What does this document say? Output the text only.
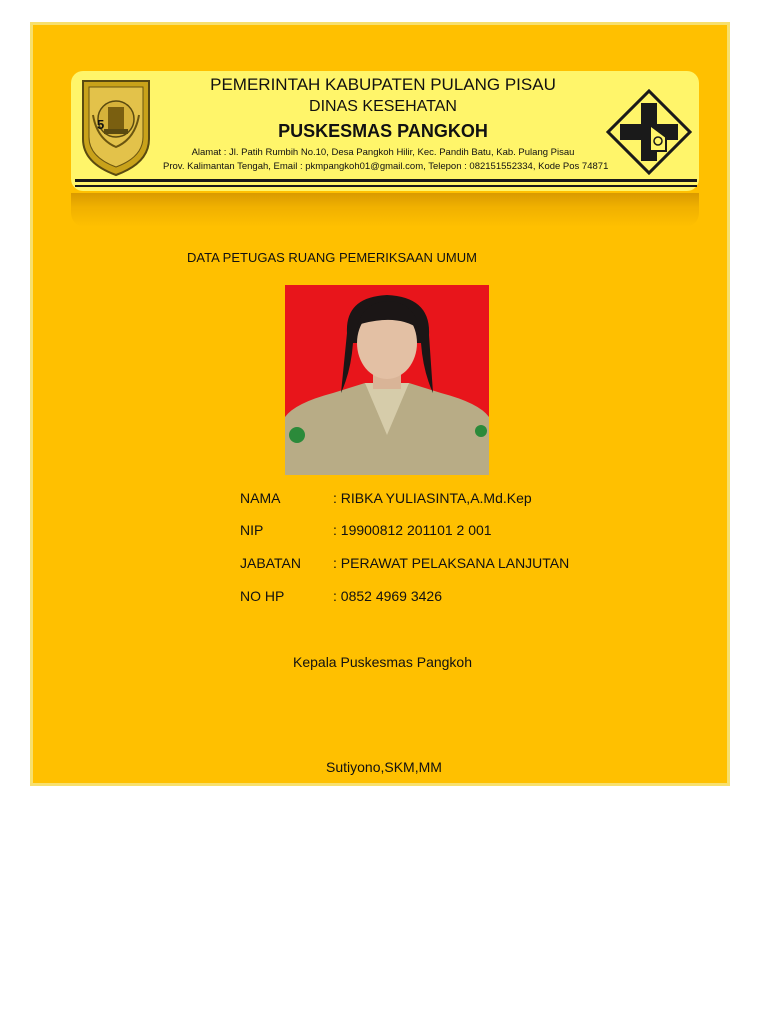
5
PEMERINTAH KABUPATEN PULANG PISAU
DINAS KESEHATAN
PUSKESMAS PANGKOH
Alamat : Jl. Patih Rumbih No.10, Desa Pangkoh Hilir, Kec. Pandih Batu, Kab. Pulang Pisau
Prov. Kalimantan Tengah, Email : pkmpangkoh01@gmail.com, Telepon : 082151552334, Kode Pos 74871
DATA PETUGAS RUANG PEMERIKSAAN UMUM
NAMA	: RIBKA YULIASINTA,A.Md.Kep
NIP	: 19900812 201101 2 001
JABATAN : PERAWAT PELAKSANA LANJUTAN
NO HP	: 0852 4969 3426
Kepala Puskesmas Pangkoh
Sutiyono,SKM,MM
